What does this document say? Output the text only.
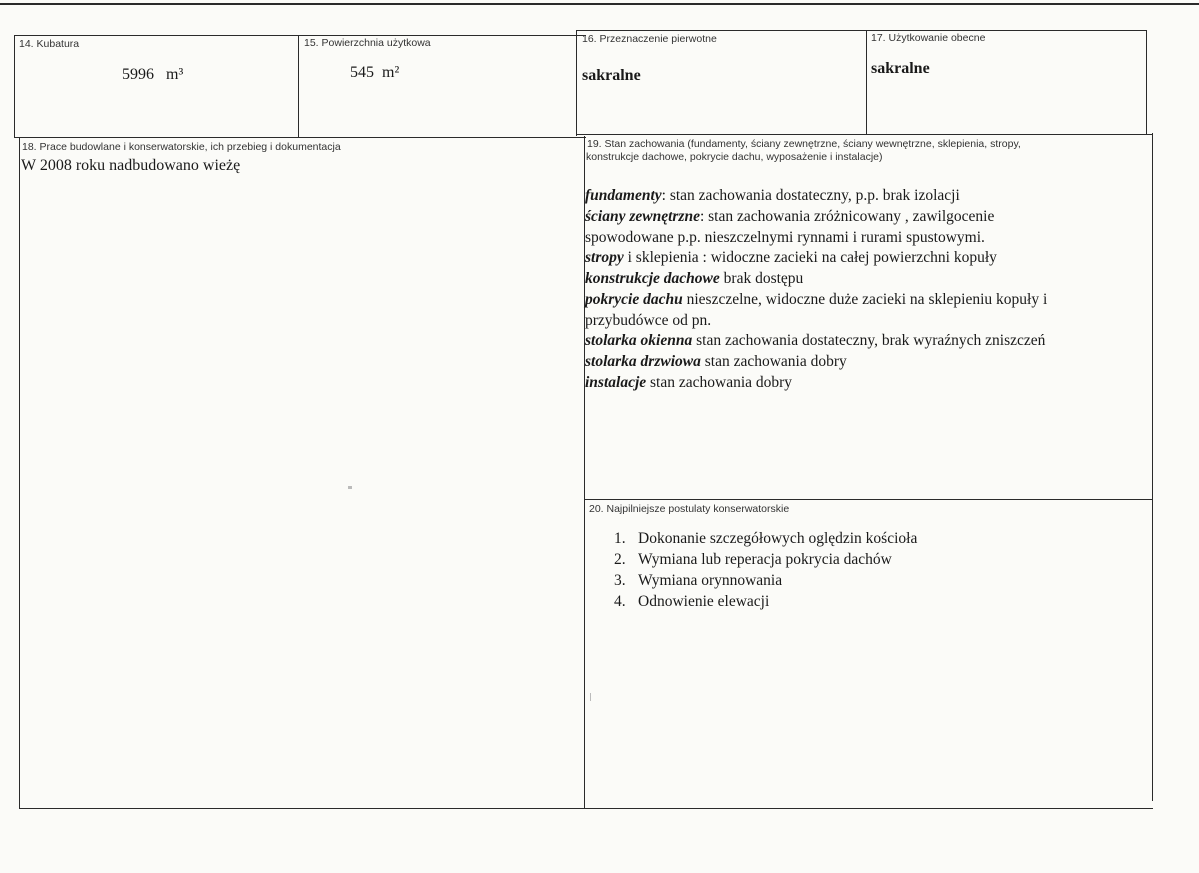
14. Kubatura
5996 m³
15. Powierzchnia użytkowa
545 m²
16. Przeznaczenie pierwotne
sakralne
17. Użytkowanie obecne
sakralne
18. Prace budowlane i konserwatorskie, ich przebieg i dokumentacja
W 2008 roku nadbudowano wieżę
19. Stan zachowania (fundamenty, ściany zewnętrzne, ściany wewnętrzne, sklepienia, stropy,
konstrukcje dachowe, pokrycie dachu, wyposażenie i instalacje)
fundamenty: stan zachowania dostateczny, p.p. brak izolacji
ściany zewnętrzne: stan zachowania zróżnicowany , zawilgocenie
spowodowane p.p. nieszczelnymi rynnami i rurami spustowymi.
stropy i sklepienia : widoczne zacieki na całej powierzchni kopuły
konstrukcje dachowe brak dostępu
pokrycie dachu nieszczelne, widoczne duże zacieki na sklepieniu kopuły i
przybudówce od pn.
stolarka okienna stan zachowania dostateczny, brak wyraźnych zniszczeń
stolarka drzwiowa stan zachowania dobry
instalacje stan zachowania dobry
20. Najpilniejsze postulaty konserwatorskie
1. Dokonanie szczegółowych oględzin kościoła
2. Wymiana lub reperacja pokrycia dachów
3. Wymiana orynnowania
4. Odnowienie elewacji
